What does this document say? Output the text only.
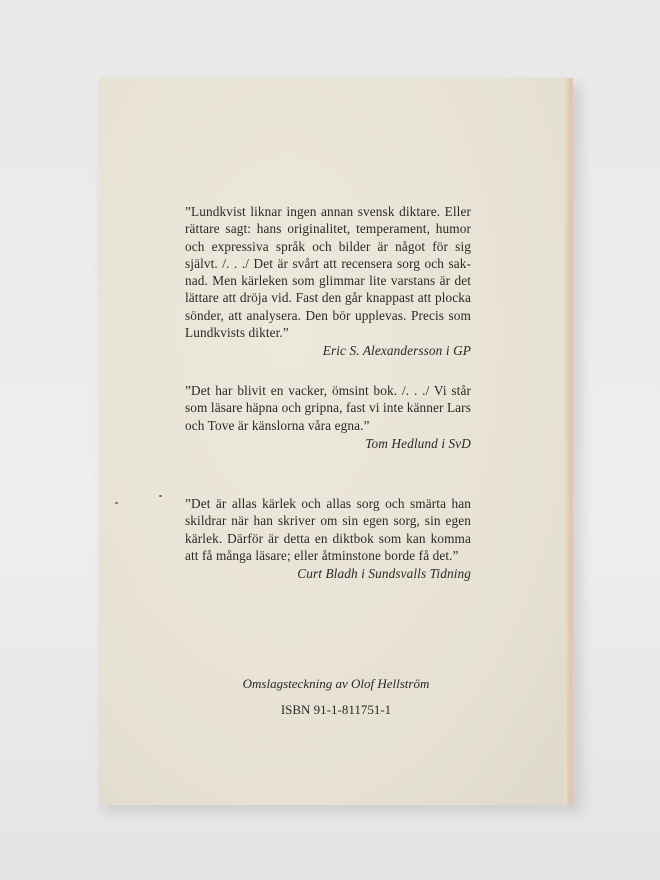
”Lundkvist liknar ingen annan svensk diktare. Eller
rättare sagt: hans originalitet, temperament, humor
och expressiva språk och bilder är något för sig
självt. /. . ./ Det är svårt att recensera sorg och sak-
nad. Men kärleken som glimmar lite varstans är det
lättare att dröja vid. Fast den går knappast att plocka
sönder, att analysera. Den bör upplevas. Precis som
Lundkvists dikter.”
Eric S. Alexandersson i GP
”Det har blivit en vacker, ömsint bok. /. . ./ Vi står
som läsare häpna och gripna, fast vi inte känner Lars
och Tove är känslorna våra egna.”
Tom Hedlund i SvD
”Det är allas kärlek och allas sorg och smärta han
skildrar när han skriver om sin egen sorg, sin egen
kärlek. Därför är detta en diktbok som kan komma
att få många läsare; eller åtminstone borde få det.”
Curt Bladh i Sundsvalls Tidning
Omslagsteckning av Olof Hellström
ISBN 91-1-811751-1
